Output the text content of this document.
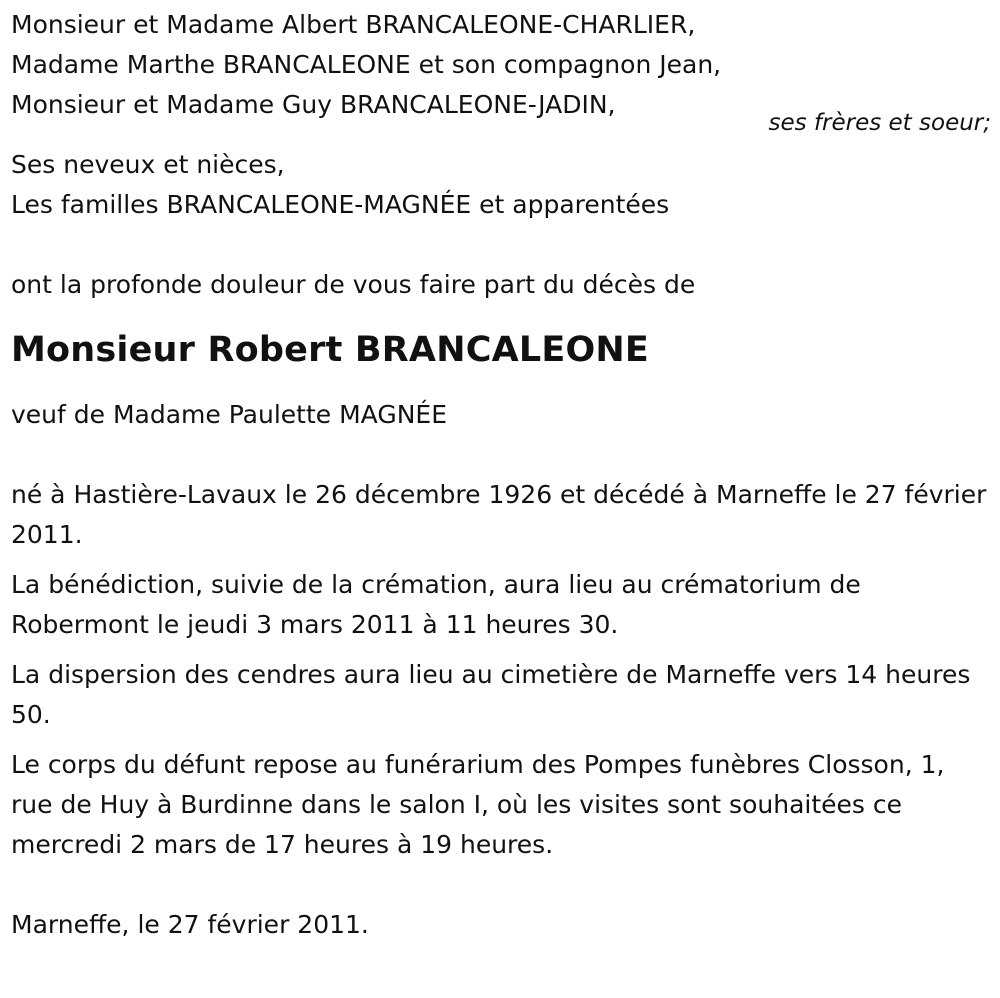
Monsieur et Madame Albert BRANCALEONE-CHARLIER,

Madame Marthe BRANCALEONE et son compagnon Jean,

Monsieur et Madame Guy BRANCALEONE-JADIN,

Ses neveux et nièces,

Les familles BRANCALEONE-MAGNÉE et apparentées

ont la profonde douleur de vous faire part du décès de

Monsieur Robert BRANCALEONE

veuf de Madame Paulette MAGNÉE

né à Hastière-Lavaux le 26 décembre 1926 et décédé à Marneffe le 27 février 2011.

La bénédiction, suivie de la crémation, aura lieu au crématorium de Robermont le jeudi 3 mars 2011 à 11 heures 30.

La dispersion des cendres aura lieu au cimetière de Marneffe vers 14 heures 50.

Le corps du défunt repose au funérarium des Pompes funèbres Closson, 1, rue de Huy à Burdinne dans le salon I, où les visites sont souhaitées ce mercredi 2 mars de 17 heures à 19 heures.

Marneffe, le 27 février 2011.

ses frères et soeur;
